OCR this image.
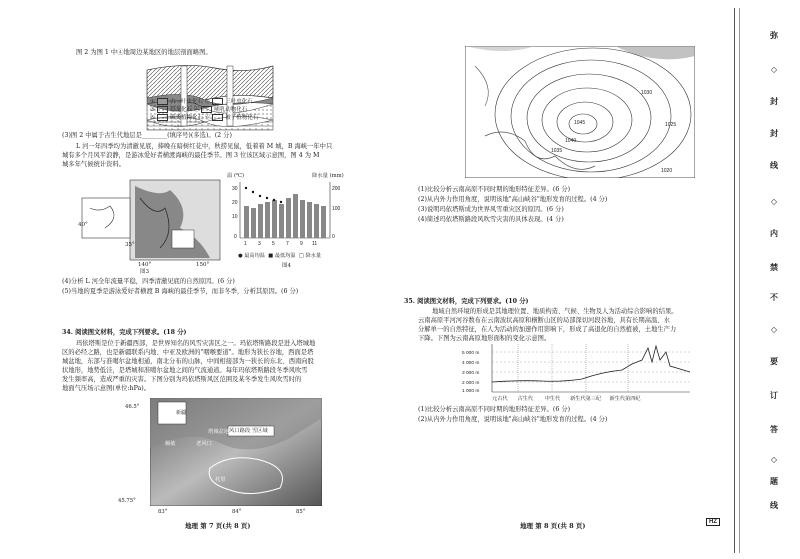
图 2 为图 1 中④地周边某地区的地层剖面略图。
①	古一叶虫化石 ②	三叶虫化石
③	恐龙化石 ④	哺乳动物化石
⑤	蕨类植物化石 ⑥	被子植物化石
(3)图 2 中属于古生代地层是________(填序号)(多选)。(2 分)
L 河一年四季均为清澈见底，捧晚在暗树红花中，秋捞见鼠，低着着 M 城，B 海峡一年中只
城有多个月风平浪静，是游冰爱好者横渡海峡的最佳季节。图 3 位该区域示意图，图 4 为 M
城多年气候统计资料。
40°
35°
140°	150°
图3
温 (℃)	降水量 (mm)
30
20
10
0
200
100
0
1 3 5 7 9 11
● 最高均温  ■ 最低均温  □ 降水量
图4
(4)分析 L 河全年流量平稳，四季清澈见底的自然原因。(6 分)
(5)当地的夏季是游泳爱好者横渡 B 海峡的最佳季节，而非冬季，分析其原因。(6 分)
34. 阅读图文材料，完成下列要求。(18 分)
玛依塔斯是位于新疆西部，是世界知名的风雪灾害区之一。玛依塔斯路段是进入塔城地
区的必经之路，也是新疆联系内地、中亚及欧洲的"咽喉要道"。地形为狭长谷地，西面是塔
城盆地，东部与准噶尔盆地相通，南北分布的山脉，中间相接部为一狭长的东北、西南向股
状地形，地势低洼，是塔城和准噶尔盆地之间的气流通道。每年玛依塔斯路段冬季风吹雪
发生频率高，造成严重的灾害。下图分别为玛依塔斯风区范围及某冬季发生风吹雪时的
地面气压场示意图(单位:hPa)。
风口路段 雪区域
新疆
塔城盆地
老风口
额敏
托里
46.5°
45.75°
83°	84°	85°
地理 第 7 页(共 8 页)
1045
1040
1035
1030
1025
1020
(1)比较分析云南高原不同时期的地形特征差异。(6 分)
(2)从内外力作用角度，说明该地"高山峡谷"地形发育的过程。(4 分)
(3)说明玛依塔斯成为世界风雪重灾区的原因。(6 分)
(4)简述玛依塔斯路段风吹雪灾害的具体表现。(4 分)
35. 阅读图文材料，完成下列要求。(10 分)
地域自然环境的形成是其地理位置、地质构造、气候、生物及人为活动综合影响的结果。
云南高原平河河谷数布在云南波状高原和横断山区的局部深切河段谷地，具有长期高温、水
分解单一的自然特征，在人为活动的加速作用影响下，形成了高退化的自然植被，土地生产力
下降。下图为云南高原地形面积的变化示意图。
5 000 m
4 000 m
3 000 m
2 000 m
1 000 m
元古代 古生代 中生代 新生代第三纪 新生代第四纪
(1)比较分析云南高原不同时期的地形特征差异。(6 分)
(2)从内外力作用角度，说明该地"高山峡谷"地形发育的过程。(4 分)
地理 第 8 页(共 8 页)	HZ
弥
◇
封
封
线
◇
内
禁
不
◇
要
订
答
◇
题
线
